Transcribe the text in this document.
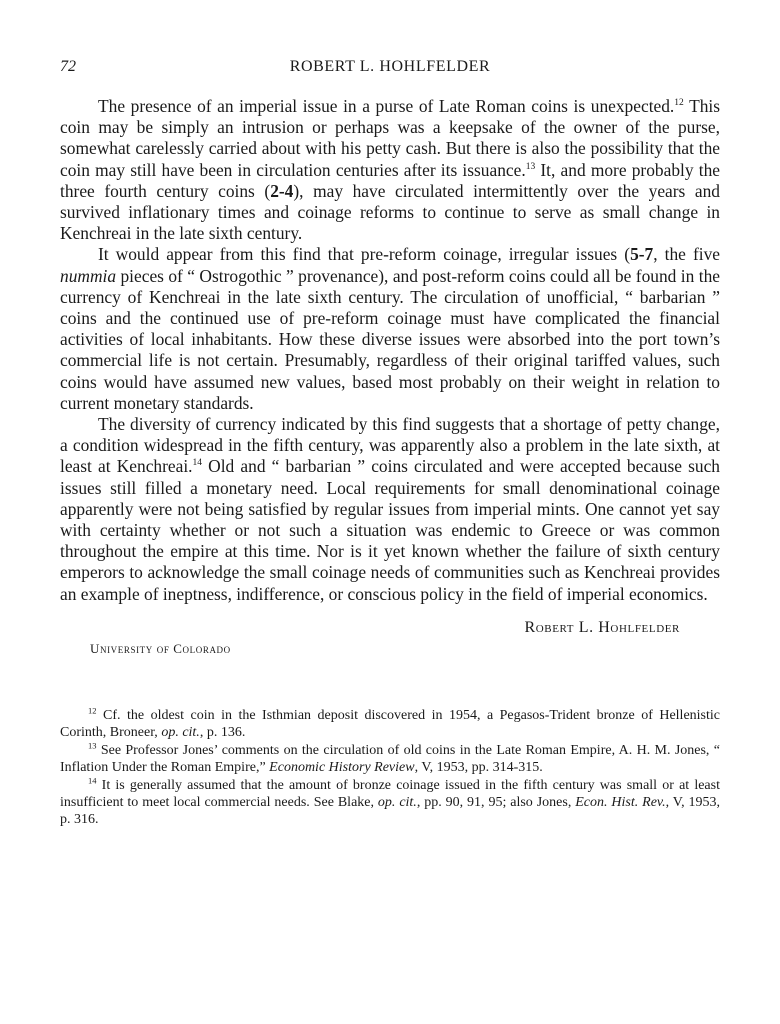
72	ROBERT L. HOHLFELDER

The presence of an imperial issue in a purse of Late Roman coins is unexpected.$^{12}$ This coin may be simply an intrusion or perhaps was a keepsake of the owner of the purse, somewhat carelessly carried about with his petty cash. But there is also the possibility that the coin may still have been in circulation centuries after its issuance.$^{13}$ It, and more probably the three fourth century coins (2-4), may have circulated intermittently over the years and survived inflationary times and coinage reforms to continue to serve as small change in Kenchreai in the late sixth century.

It would appear from this find that pre-reform coinage, irregular issues (5-7, the five nummia pieces of “ Ostrogothic ” provenance), and post-reform coins could all be found in the currency of Kenchreai in the late sixth century. The circulation of unofficial, “ barbarian ” coins and the continued use of pre-reform coinage must have complicated the financial activities of local inhabitants. How these diverse issues were absorbed into the port town’s commercial life is not certain. Presumably, regardless of their original tariffed values, such coins would have assumed new values, based most probably on their weight in relation to current monetary standards.

The diversity of currency indicated by this find suggests that a shortage of petty change, a condition widespread in the fifth century, was apparently also a problem in the late sixth, at least at Kenchreai.$^{14}$ Old and “ barbarian ” coins circulated and were accepted because such issues still filled a monetary need. Local requirements for small denominational coinage apparently were not being satisfied by regular issues from imperial mints. One cannot yet say with certainty whether or not such a situation was endemic to Greece or was common throughout the empire at this time. Nor is it yet known whether the failure of sixth century emperors to acknowledge the small coinage needs of communities such as Kenchreai provides an example of ineptness, indifference, or conscious policy in the field of imperial economics.

Robert L. Hohlfelder
University of Colorado

$^{12}$ Cf. the oldest coin in the Isthmian deposit discovered in 1954, a Pegasos-Trident bronze of Hellenistic Corinth, Broneer, op. cit., p. 136.

$^{13}$ See Professor Jones’ comments on the circulation of old coins in the Late Roman Empire, A. H. M. Jones, “ Inflation Under the Roman Empire,” Economic History Review, V, 1953, pp. 314-315.

$^{14}$ It is generally assumed that the amount of bronze coinage issued in the fifth century was small or at least insufficient to meet local commercial needs. See Blake, op. cit., pp. 90, 91, 95; also Jones, Econ. Hist. Rev., V, 1953, p. 316.
